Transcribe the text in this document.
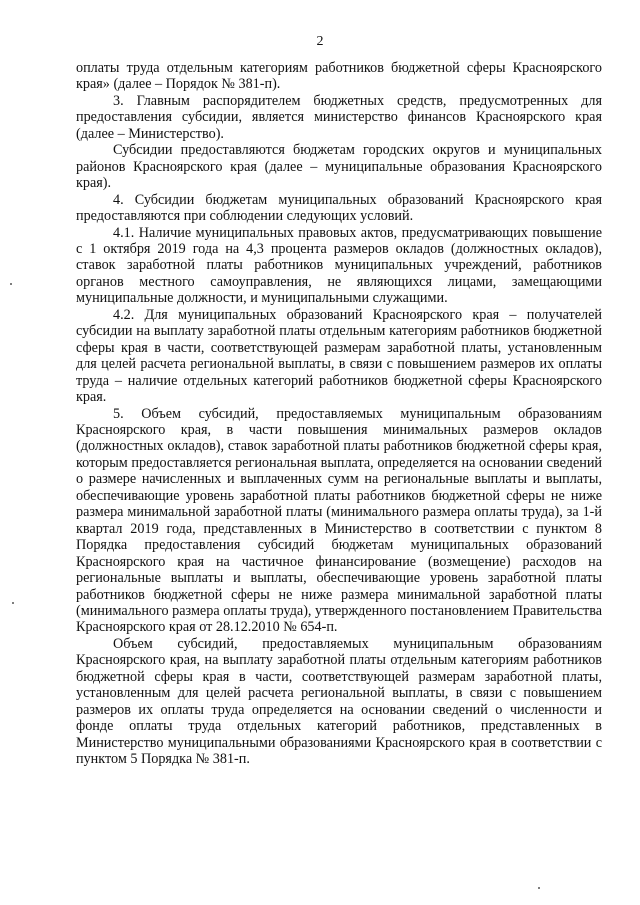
2

оплаты труда отдельным категориям работников бюджетной сферы Красноярского края» (далее – Порядок № 381-п).

3. Главным распорядителем бюджетных средств, предусмотренных для предоставления субсидии, является министерство финансов Красноярского края (далее – Министерство).

Субсидии предоставляются бюджетам городских округов и муниципальных районов Красноярского края (далее – муниципальные образования Красноярского края).

4. Субсидии бюджетам муниципальных образований Красноярского края предоставляются при соблюдении следующих условий.

4.1. Наличие муниципальных правовых актов, предусматривающих повышение с 1 октября 2019 года на 4,3 процента размеров окладов (должностных окладов), ставок заработной платы работников муниципальных учреждений, работников органов местного самоуправления, не являющихся лицами, замещающими муниципальные должности, и муниципальными служащими.

4.2. Для муниципальных образований Красноярского края – получателей субсидии на выплату заработной платы отдельным категориям работников бюджетной сферы края в части, соответствующей размерам заработной платы, установленным для целей расчета региональной выплаты, в связи с повышением размеров их оплаты труда – наличие отдельных категорий работников бюджетной сферы Красноярского края.

5. Объем субсидий, предоставляемых муниципальным образованиям Красноярского края, в части повышения минимальных размеров окладов (должностных окладов), ставок заработной платы работников бюджетной сферы края, которым предоставляется региональная выплата, определяется на основании сведений о размере начисленных и выплаченных сумм на региональные выплаты и выплаты, обеспечивающие уровень заработной платы работников бюджетной сферы не ниже размера минимальной заработной платы (минимального размера оплаты труда), за 1-й квартал 2019 года, представленных в Министерство в соответствии с пунктом 8 Порядка предоставления субсидий бюджетам муниципальных образований Красноярского края на частичное финансирование (возмещение) расходов на региональные выплаты и выплаты, обеспечивающие уровень заработной платы работников бюджетной сферы не ниже размера минимальной заработной платы (минимального размера оплаты труда), утвержденного постановлением Правительства Красноярского края от 28.12.2010 № 654-п.

Объем субсидий, предоставляемых муниципальным образованиям Красноярского края, на выплату заработной платы отдельным категориям работников бюджетной сферы края в части, соответствующей размерам заработной платы, установленным для целей расчета региональной выплаты, в связи с повышением размеров их оплаты труда определяется на основании сведений о численности и фонде оплаты труда отдельных категорий работников, представленных в Министерство муниципальными образованиями Красноярского края в соответствии с пунктом 5 Порядка № 381-п.
